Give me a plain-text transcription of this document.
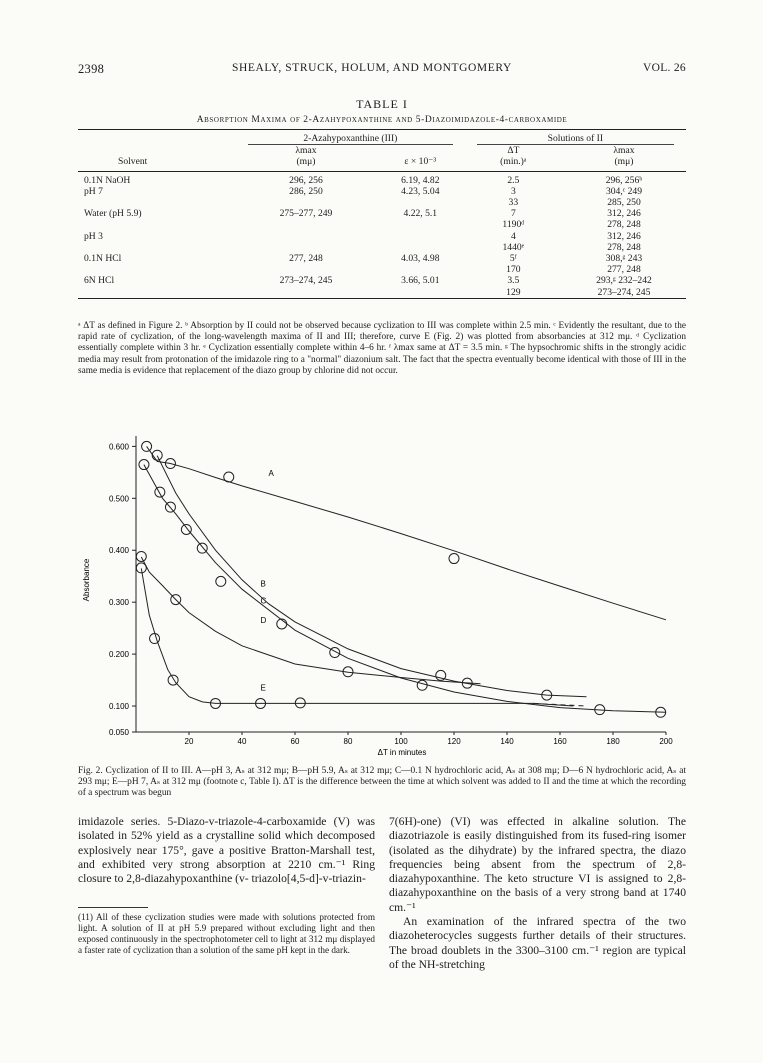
2398	SHEALY, STRUCK, HOLUM, AND MONTGOMERY	VOL. 26
TABLE I
Absorption Maxima of 2-Azahypoxanthine and 5-Diazoimidazole-4-carboxamide

	2-Azahypoxanthine (III)		Solutions of II	

	λmax		ΔT	λmax
Solvent	(mμ)	ε × 10⁻³	(min.)ᵃ	(mμ)
0.1N NaOH	296, 256	6.19, 4.82	2.5	296, 256ᵇ
pH 7	286, 250	4.23, 5.04	3	304,ᶜ 249
			33	285, 250
Water (pH 5.9)	275–277, 249	4.22, 5.1	7	312, 246
			1190ᵈ	278, 248
pH 3			4	312, 246
			1440ᵉ	278, 248
0.1N HCl	277, 248	4.03, 4.98	5ᶠ	308,ᵍ 243
			170	277, 248
6N HCl	273–274, 245	3.66, 5.01	3.5	293,ᵍ 232–242
			129	273–274, 245
ᵃ ΔT as defined in Figure 2. ᵇ Absorption by II could not be observed because cyclization to III was complete within 2.5 min. ᶜ Evidently the resultant, due to the rapid rate of cyclization, of the long-wavelength maxima of II and III; therefore, curve E (Fig. 2) was plotted from absorbancies at 312 mμ. ᵈ Cyclization essentially complete within 3 hr. ᵉ Cyclization essentially complete within 4–6 hr. ᶠ λmax same at ΔT = 3.5 min. ᵍ The hypsochromic shifts in the strongly acidic media may result from protonation of the imidazole ring to a "normal" diazonium salt. The fact that the spectra eventually become identical with those of III in the same media is evidence that replacement of the diazo group by chlorine did not occur.
0.600
0.500
0.400
0.300
0.200
0.100
0.050
20	40	60	80	100	120	140	160	180	200
A
B
C
D
E
Absorbance
ΔT in minutes
Fig. 2. Cyclization of II to III. A—pH 3, Aₛ at 312 mμ; B—pH 5.9, Aₛ at 312 mμ; C—0.1 N hydrochloric acid, Aₛ at 308 mμ; D—6 N hydrochloric acid, Aₛ at 293 mμ; E—pH 7, Aₛ at 312 mμ (footnote c, Table I). ΔT is the difference between the time at which solvent was added to II and the time at which the recording of a spectrum was begun

imidazole series. 5-Diazo-v-triazole-4-carboxamide (V) was isolated in 52% yield as a crystalline solid which decomposed explosively near 175°, gave a positive Bratton-Marshall test, and exhibited very strong absorption at 2210 cm.⁻¹ Ring closure to 2,8-diazahypoxanthine (v- triazolo[4,5-d]-v-triazin-

(11) All of these cyclization studies were made with solutions protected from light. A solution of II at pH 5.9 prepared without excluding light and then exposed continuously in the spectrophotometer cell to light at 312 mμ displayed a faster rate of cyclization than a solution of the same pH kept in the dark.

7(6H)-one) (VI) was effected in alkaline solution. The diazotriazole is easily distinguished from its fused-ring isomer (isolated as the dihydrate) by the infrared spectra, the diazo frequencies being absent from the spectrum of 2,8-diazahypoxanthine. The keto structure VI is assigned to 2,8-diazahypoxanthine on the basis of a very strong band at 1740 cm.⁻¹

An examination of the infrared spectra of the two diazoheterocycles suggests further details of their structures. The broad doublets in the 3300–3100 cm.⁻¹ region are typical of the NH-stretching
